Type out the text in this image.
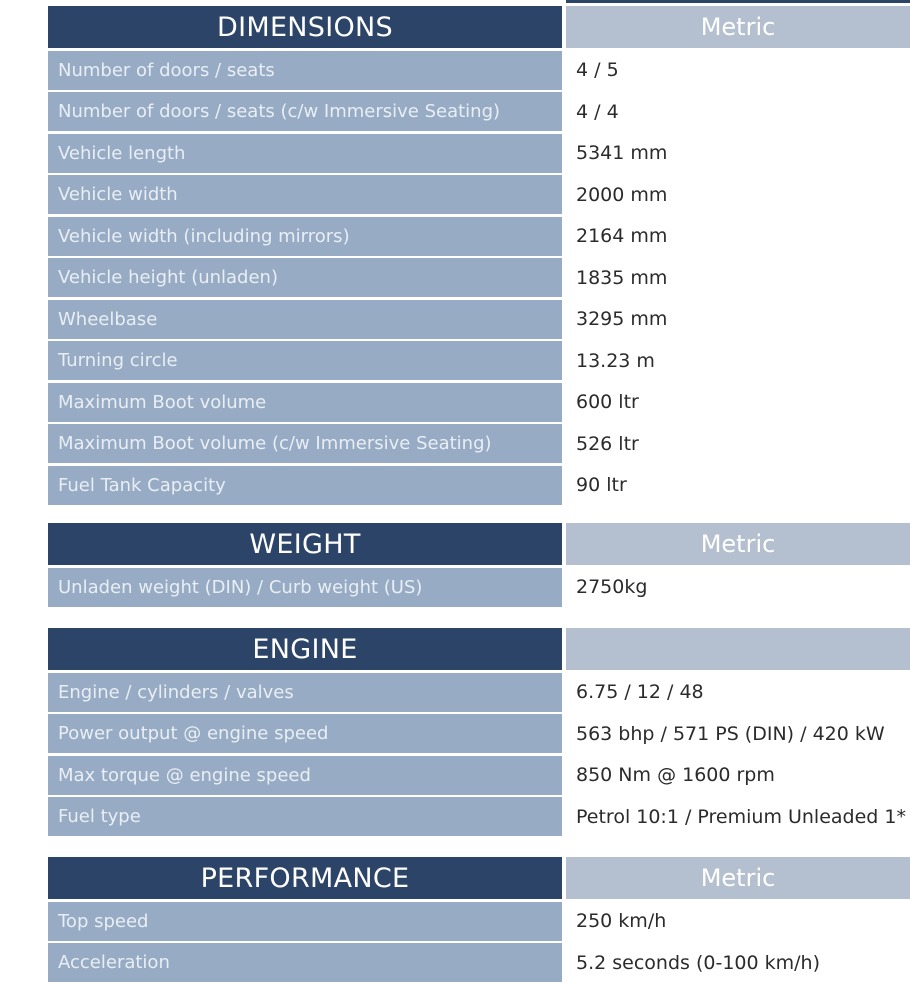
DIMENSIONS	Metric
Number of doors / seats	4 / 5
Number of doors / seats (c/w Immersive Seating)	4 / 4
Vehicle length	5341 mm
Vehicle width	2000 mm
Vehicle width (including mirrors)	2164 mm
Vehicle height (unladen)	1835 mm
Wheelbase	3295 mm
Turning circle	13.23 m
Maximum Boot volume	600 ltr
Maximum Boot volume (c/w Immersive Seating)	526 ltr
Fuel Tank Capacity	90 ltr
WEIGHT	Metric
Unladen weight (DIN) / Curb weight (US)	2750kg
ENGINE
Engine / cylinders / valves	6.75 / 12 / 48
Power output @ engine speed	563 bhp / 571 PS (DIN) / 420 kW
Max torque @ engine speed	850 Nm @ 1600 rpm
Fuel type	Petrol 10:1 / Premium Unleaded 1*
PERFORMANCE	Metric
Top speed	250 km/h
Acceleration	5.2 seconds (0-100 km/h)
